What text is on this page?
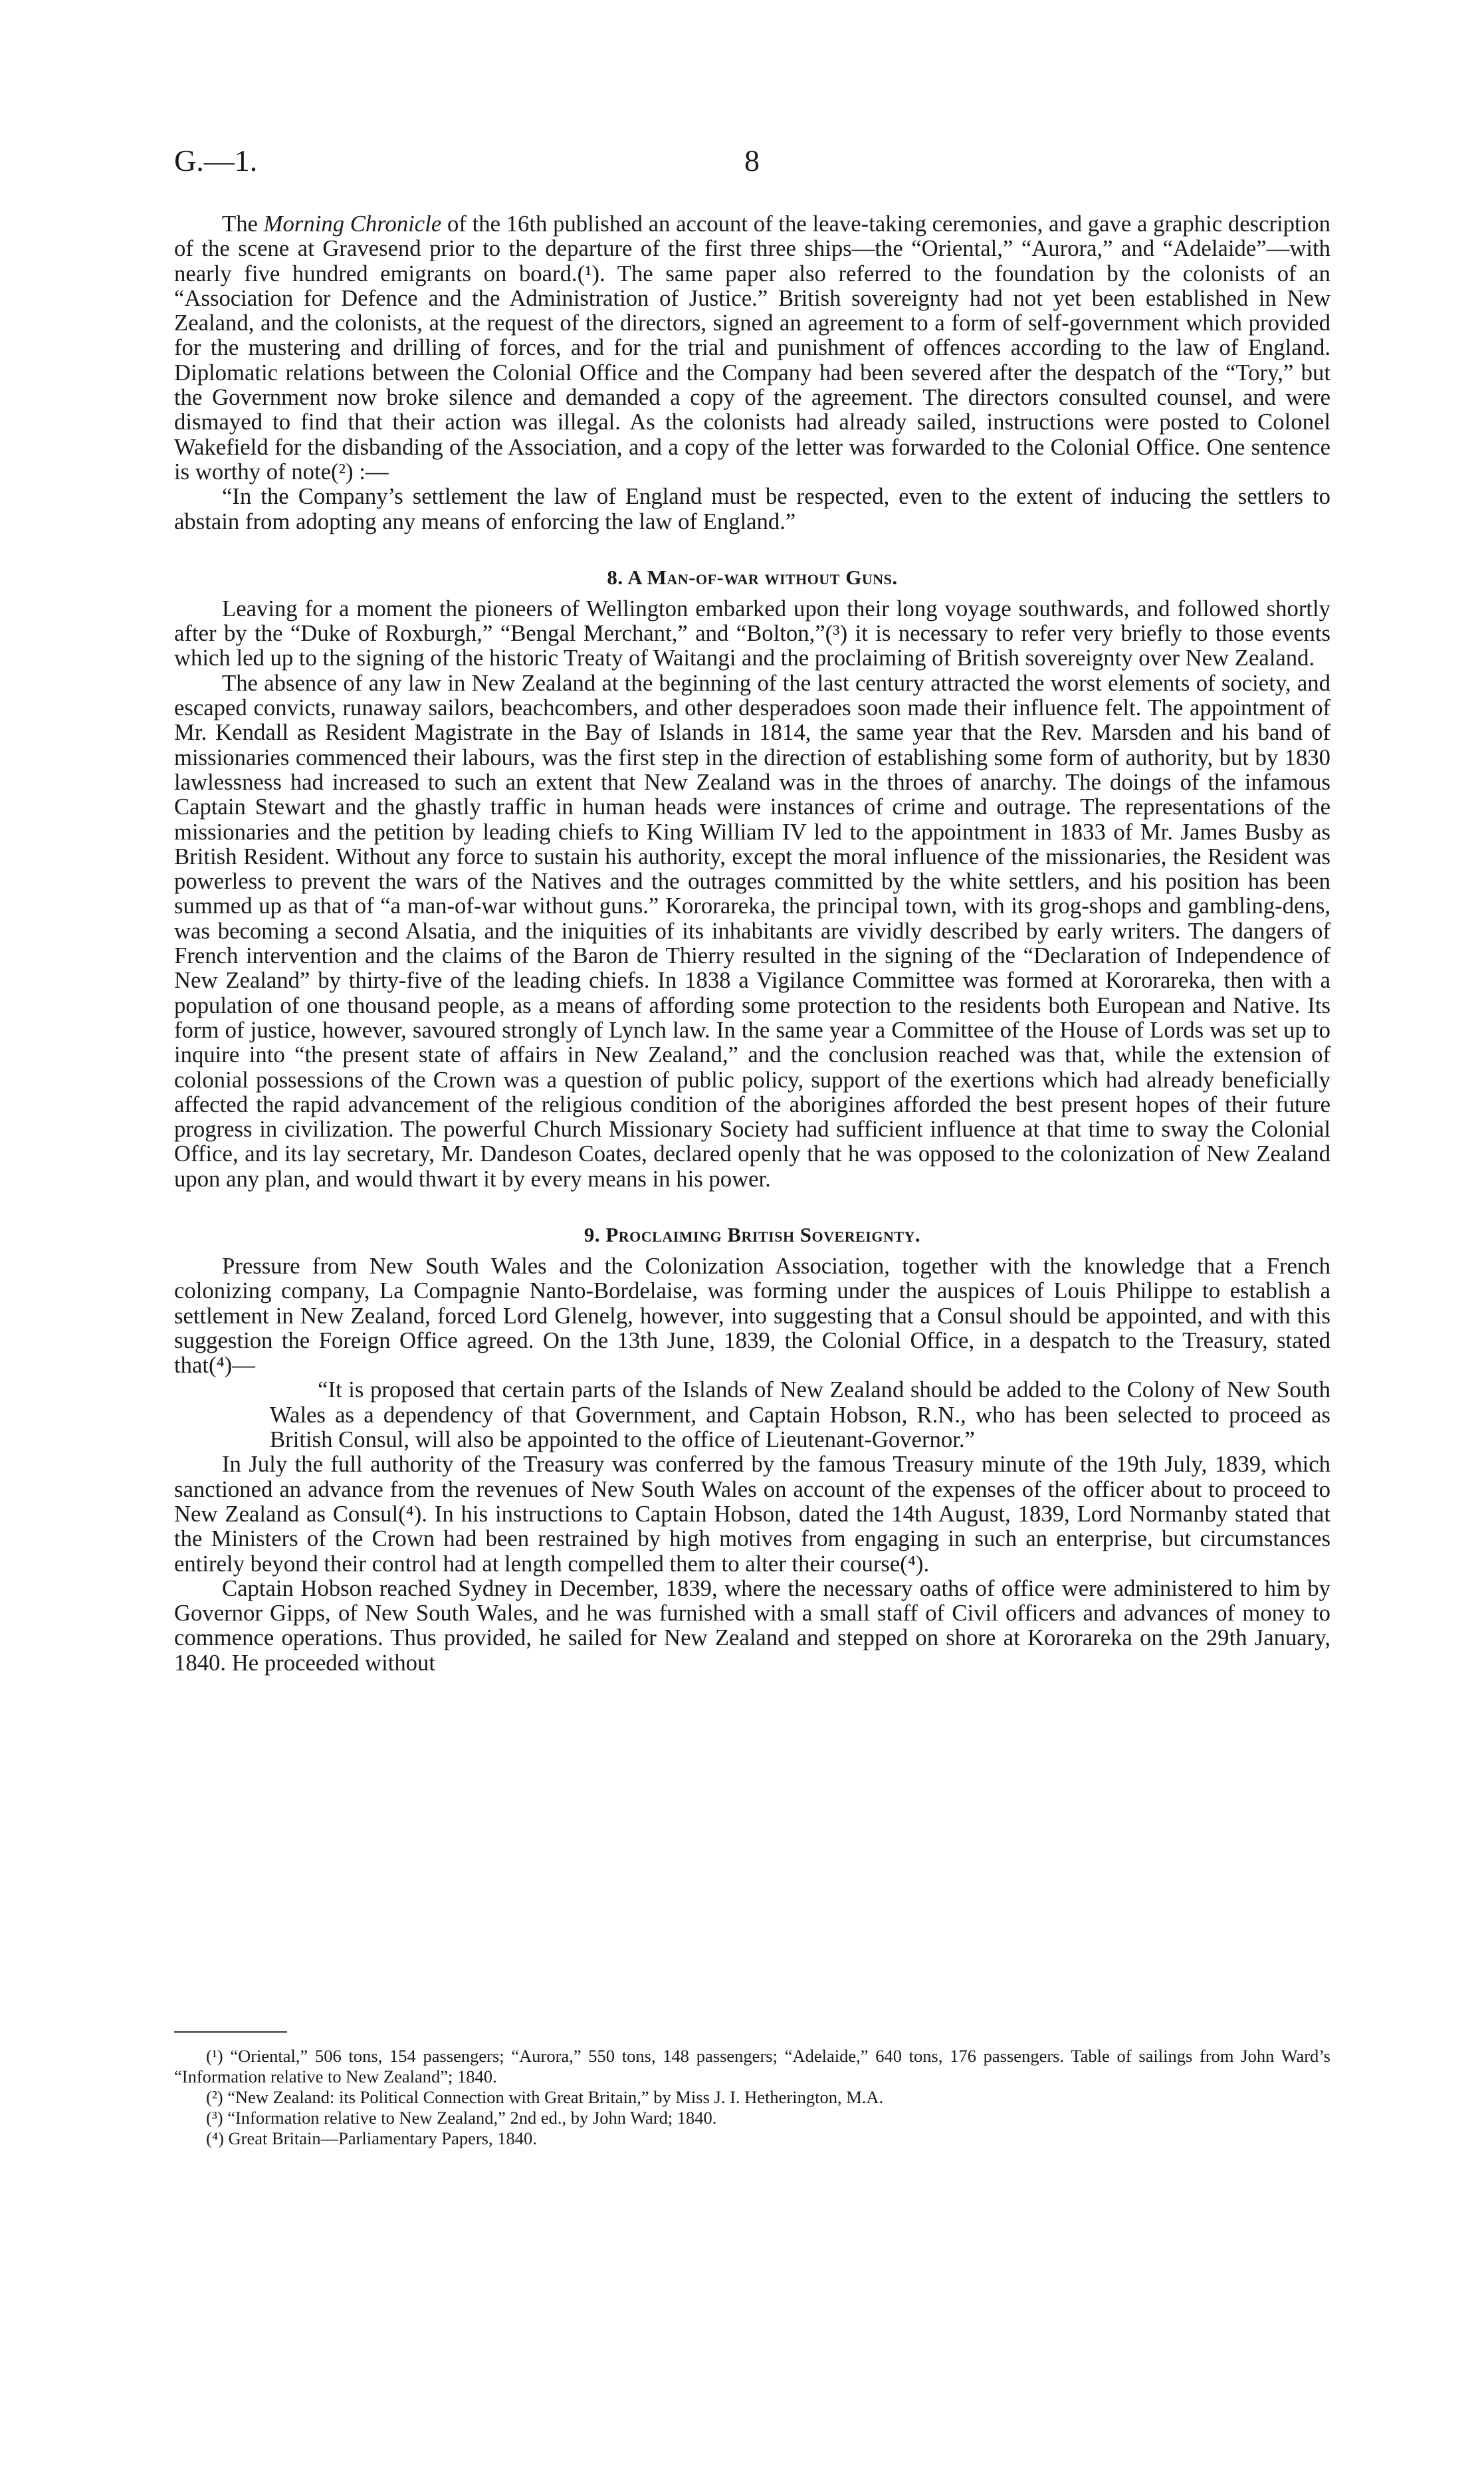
G.—1.	8

The Morning Chronicle of the 16th published an account of the leave-taking ceremonies, and gave a graphic description of the scene at Gravesend prior to the departure of the first three ships—the “Oriental,” “Aurora,” and “Adelaide”—with nearly five hundred emigrants on board.(¹). The same paper also referred to the foundation by the colonists of an “Association for Defence and the Administration of Justice.” British sovereignty had not yet been established in New Zealand, and the colonists, at the request of the directors, signed an agreement to a form of self-government which provided for the mustering and drilling of forces, and for the trial and punishment of offences according to the law of England. Diplomatic relations between the Colonial Office and the Company had been severed after the despatch of the “Tory,” but the Government now broke silence and demanded a copy of the agreement. The directors consulted counsel, and were dismayed to find that their action was illegal. As the colonists had already sailed, instructions were posted to Colonel Wakefield for the disbanding of the Association, and a copy of the letter was forwarded to the Colonial Office. One sentence is worthy of note(²) :—

“In the Company’s settlement the law of England must be respected, even to the extent of inducing the settlers to abstain from adopting any means of enforcing the law of England.”

8. A Man-of-war without Guns.

Leaving for a moment the pioneers of Wellington embarked upon their long voyage southwards, and followed shortly after by the “Duke of Roxburgh,” “Bengal Merchant,” and “Bolton,”(³) it is necessary to refer very briefly to those events which led up to the signing of the historic Treaty of Waitangi and the proclaiming of British sovereignty over New Zealand.

The absence of any law in New Zealand at the beginning of the last century attracted the worst elements of society, and escaped convicts, runaway sailors, beachcombers, and other desperadoes soon made their influence felt. The appointment of Mr. Kendall as Resident Magistrate in the Bay of Islands in 1814, the same year that the Rev. Marsden and his band of missionaries commenced their labours, was the first step in the direction of establishing some form of authority, but by 1830 lawlessness had increased to such an extent that New Zealand was in the throes of anarchy. The doings of the infamous Captain Stewart and the ghastly traffic in human heads were instances of crime and outrage. The representations of the missionaries and the petition by leading chiefs to King William IV led to the appointment in 1833 of Mr. James Busby as British Resident. Without any force to sustain his authority, except the moral influence of the missionaries, the Resident was powerless to prevent the wars of the Natives and the outrages committed by the white settlers, and his position has been summed up as that of “a man-of-war without guns.” Kororareka, the principal town, with its grog-shops and gambling-dens, was becoming a second Alsatia, and the iniquities of its inhabitants are vividly described by early writers. The dangers of French intervention and the claims of the Baron de Thierry resulted in the signing of the “Declaration of Independence of New Zealand” by thirty-five of the leading chiefs. In 1838 a Vigilance Committee was formed at Kororareka, then with a population of one thousand people, as a means of affording some protection to the residents both European and Native. Its form of justice, however, savoured strongly of Lynch law. In the same year a Committee of the House of Lords was set up to inquire into “the present state of affairs in New Zealand,” and the conclusion reached was that, while the extension of colonial possessions of the Crown was a question of public policy, support of the exertions which had already beneficially affected the rapid advancement of the religious condition of the aborigines afforded the best present hopes of their future progress in civilization. The powerful Church Missionary Society had sufficient influence at that time to sway the Colonial Office, and its lay secretary, Mr. Dandeson Coates, declared openly that he was opposed to the colonization of New Zealand upon any plan, and would thwart it by every means in his power.

9. Proclaiming British Sovereignty.

Pressure from New South Wales and the Colonization Association, together with the knowledge that a French colonizing company, La Compagnie Nanto-Bordelaise, was forming under the auspices of Louis Philippe to establish a settlement in New Zealand, forced Lord Glenelg, however, into suggesting that a Consul should be appointed, and with this suggestion the Foreign Office agreed. On the 13th June, 1839, the Colonial Office, in a despatch to the Treasury, stated that(⁴)—

“It is proposed that certain parts of the Islands of New Zealand should be added to the Colony of New South Wales as a dependency of that Government, and Captain Hobson, R.N., who has been selected to proceed as British Consul, will also be appointed to the office of Lieutenant-Governor.”

In July the full authority of the Treasury was conferred by the famous Treasury minute of the 19th July, 1839, which sanctioned an advance from the revenues of New South Wales on account of the expenses of the officer about to proceed to New Zealand as Consul(⁴). In his instructions to Captain Hobson, dated the 14th August, 1839, Lord Normanby stated that the Ministers of the Crown had been restrained by high motives from engaging in such an enterprise, but circumstances entirely beyond their control had at length compelled them to alter their course(⁴).

Captain Hobson reached Sydney in December, 1839, where the necessary oaths of office were administered to him by Governor Gipps, of New South Wales, and he was furnished with a small staff of Civil officers and advances of money to commence operations. Thus provided, he sailed for New Zealand and stepped on shore at Kororareka on the 29th January, 1840. He proceeded without

(¹) “Oriental,” 506 tons, 154 passengers; “Aurora,” 550 tons, 148 passengers; “Adelaide,” 640 tons, 176 passengers. Table of sailings from John Ward’s “Information relative to New Zealand”; 1840.

(²) “New Zealand: its Political Connection with Great Britain,” by Miss J. I. Hetherington, M.A.

(³) “Information relative to New Zealand,” 2nd ed., by John Ward; 1840.

(⁴) Great Britain—Parliamentary Papers, 1840.
